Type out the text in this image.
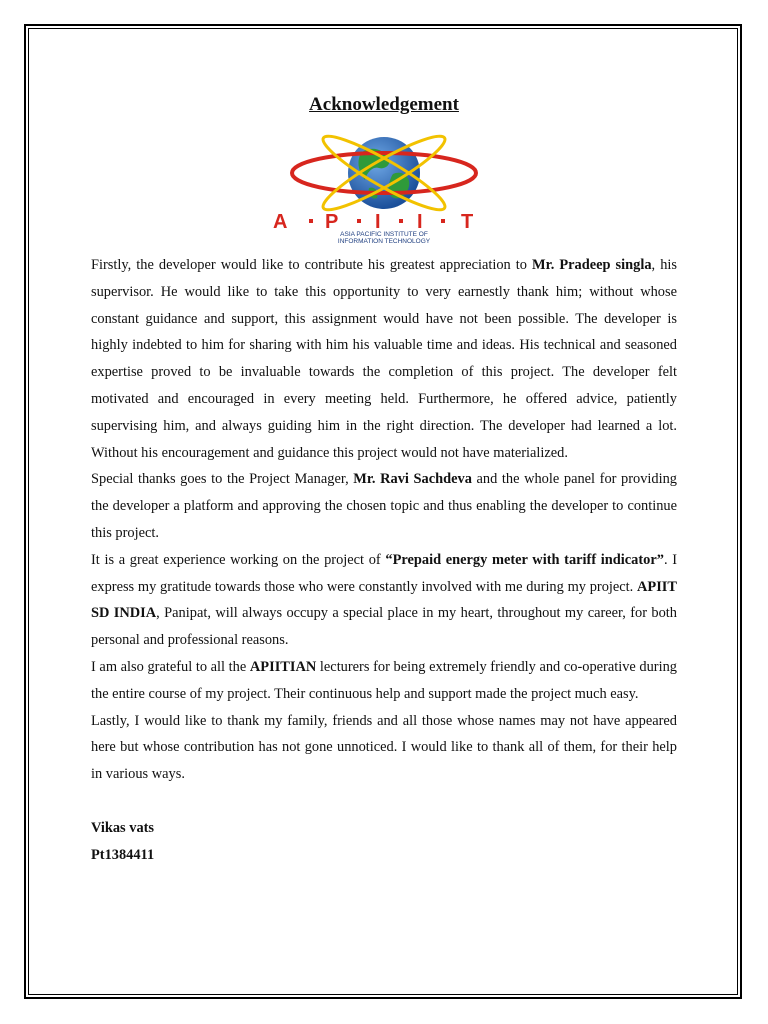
Acknowledgement
A P I I T
ASIA PACIFIC INSTITUTE OF
INFORMATION TECHNOLOGY

Firstly, the developer would like to contribute his greatest appreciation to Mr. Pradeep singla, his supervisor. He would like to take this opportunity to very earnestly thank him; without whose constant guidance and support, this assignment would have not been possible. The developer is highly indebted to him for sharing with him his valuable time and ideas. His technical and seasoned expertise proved to be invaluable towards the completion of this project. The developer felt motivated and encouraged in every meeting held. Furthermore, he offered advice, patiently supervising him, and always guiding him in the right direction. The developer had learned a lot. Without his encouragement and guidance this project would not have materialized.

Special thanks goes to the Project Manager, Mr. Ravi Sachdeva and the whole panel for providing the developer a platform and approving the chosen topic and thus enabling the developer to continue this project.

It is a great experience working on the project of “Prepaid energy meter with tariff indicator”. I express my gratitude towards those who were constantly involved with me during my project. APIIT SD INDIA, Panipat, will always occupy a special place in my heart, throughout my career, for both personal and professional reasons.

I am also grateful to all the APIITIAN lecturers for being extremely friendly and co-operative during the entire course of my project. Their continuous help and support made the project much easy.

Lastly, I would like to thank my family, friends and all those whose names may not have appeared here but whose contribution has not gone unnoticed. I would like to thank all of them, for their help in various ways.

Vikas vats
Pt1384411
